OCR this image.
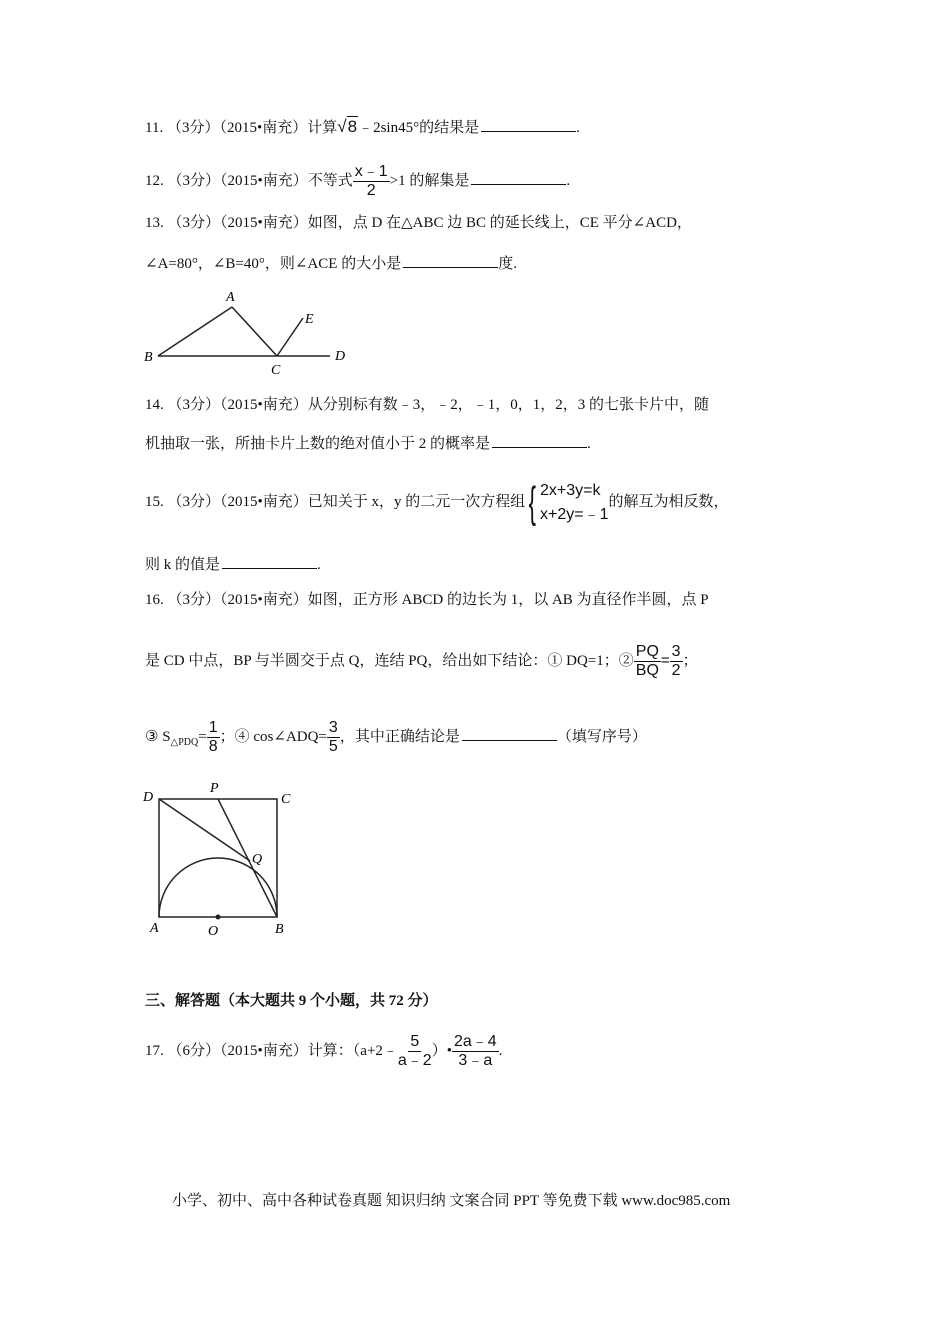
11. （3分）（2015•南充）计算√8﹣2sin45°的结果是	.
12. （3分）（2015•南充）不等式 $\frac{x﹣1}{2} >1$ 的解集是	.
13. （3分）（2015•南充）如图，点 D 在△ABC 边 BC 的延长线上，CE 平分∠ACD，
∠A=80°，∠B=40°，则∠ACE 的大小是	度.
A
B
C
D
E
14. （3分）（2015•南充）从分别标有数﹣3，﹣2，﹣1，0，1，2，3 的七张卡片中，随
机抽取一张，所抽卡片上数的绝对值小于 2 的概率是	.
15. （3分）（2015•南充）已知关于 x，y 的二元一次方程组 { 2x+3y=k
x+2y=﹣1
的解互为相反数，
则 k 的值是	.
16. （3分）（2015•南充）如图，正方形 ABCD 的边长为 1，以 AB 为直径作半圆，点 P
是 CD 中点，BP 与半圆交于点 Q，连结 PQ，给出如下结论：① DQ=1；② $\frac{PQ}{BQ} = \frac{3}{2}$ ；
③ $S_{\triangle PDQ}= \frac{1}{8}$ ；④ cos∠ADQ= $\frac{3}{5}$ ，其中正确结论是	（填写序号）
D
P
C
Q
A	O	B
三、解答题（本大题共 9 个小题，共 72 分）
17. （6分）（2015•南充）计算：（a+2﹣ $\frac{5}{a﹣2}$ ）• $\frac{2a﹣4}{3﹣a}$ .
小学、初中、高中各种试卷真题 知识归纳 文案合同 PPT 等免费下载 www.doc985.com
